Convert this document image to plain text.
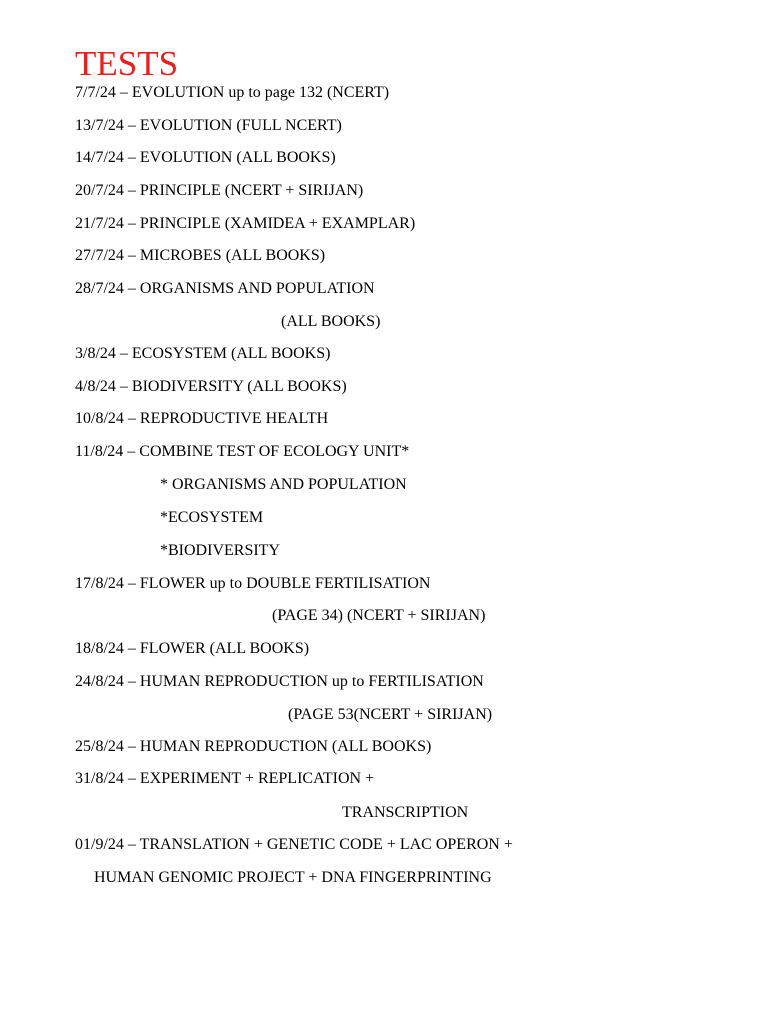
TESTS

7/7/24 – EVOLUTION up to page 132 (NCERT)

13/7/24 – EVOLUTION (FULL NCERT)

14/7/24 – EVOLUTION (ALL BOOKS)

20/7/24 – PRINCIPLE (NCERT + SIRIJAN)

21/7/24 – PRINCIPLE (XAMIDEA + EXAMPLAR)

27/7/24 – MICROBES (ALL BOOKS)

28/7/24 – ORGANISMS AND POPULATION

(ALL BOOKS)

3/8/24 – ECOSYSTEM (ALL BOOKS)

4/8/24 – BIODIVERSITY (ALL BOOKS)

10/8/24 – REPRODUCTIVE HEALTH

11/8/24 – COMBINE TEST OF ECOLOGY UNIT*

* ORGANISMS AND POPULATION

*ECOSYSTEM

*BIODIVERSITY

17/8/24 – FLOWER up to DOUBLE FERTILISATION

(PAGE 34) (NCERT + SIRIJAN)

18/8/24 – FLOWER (ALL BOOKS)

24/8/24 – HUMAN REPRODUCTION up to FERTILISATION

(PAGE 53(NCERT + SIRIJAN)

25/8/24 – HUMAN REPRODUCTION (ALL BOOKS)

31/8/24 – EXPERIMENT + REPLICATION +

TRANSCRIPTION

01/9/24 – TRANSLATION + GENETIC CODE + LAC OPERON +

HUMAN GENOMIC PROJECT + DNA FINGERPRINTING
